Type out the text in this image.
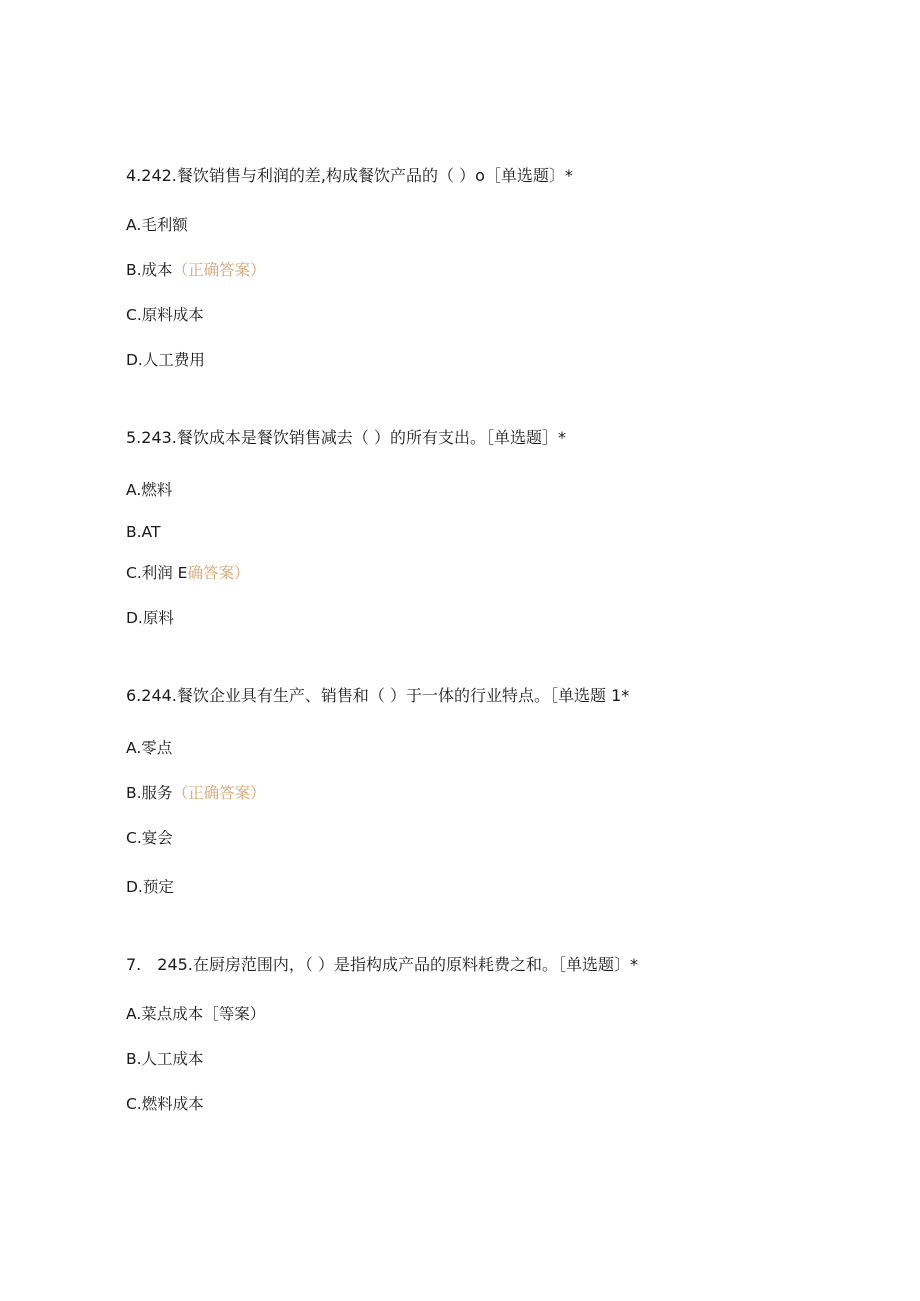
4.242.餐饮销售与利润的差,构成餐饮产品的（ ）o［单选题〕*
A.毛利额
B.成本（正确答案）
C.原料成本
D.人工费用
5.243.餐饮成本是餐饮销售减去（ ）的所有支出。［单选题］*
A.燃料
B.AT
C.利润 E确答案）
D.原料
6.244.餐饮企业具有生产、销售和（ ）于一体的行业特点。［单选题 1*
A.零点
B.服务（正确答案）
C.宴会
D.预定
7.　245.在厨房范围内，（ ）是指构成产品的原料耗费之和。［单选题〕*
A.菜点成本［等案）
B.人工成本
C.燃料成本
